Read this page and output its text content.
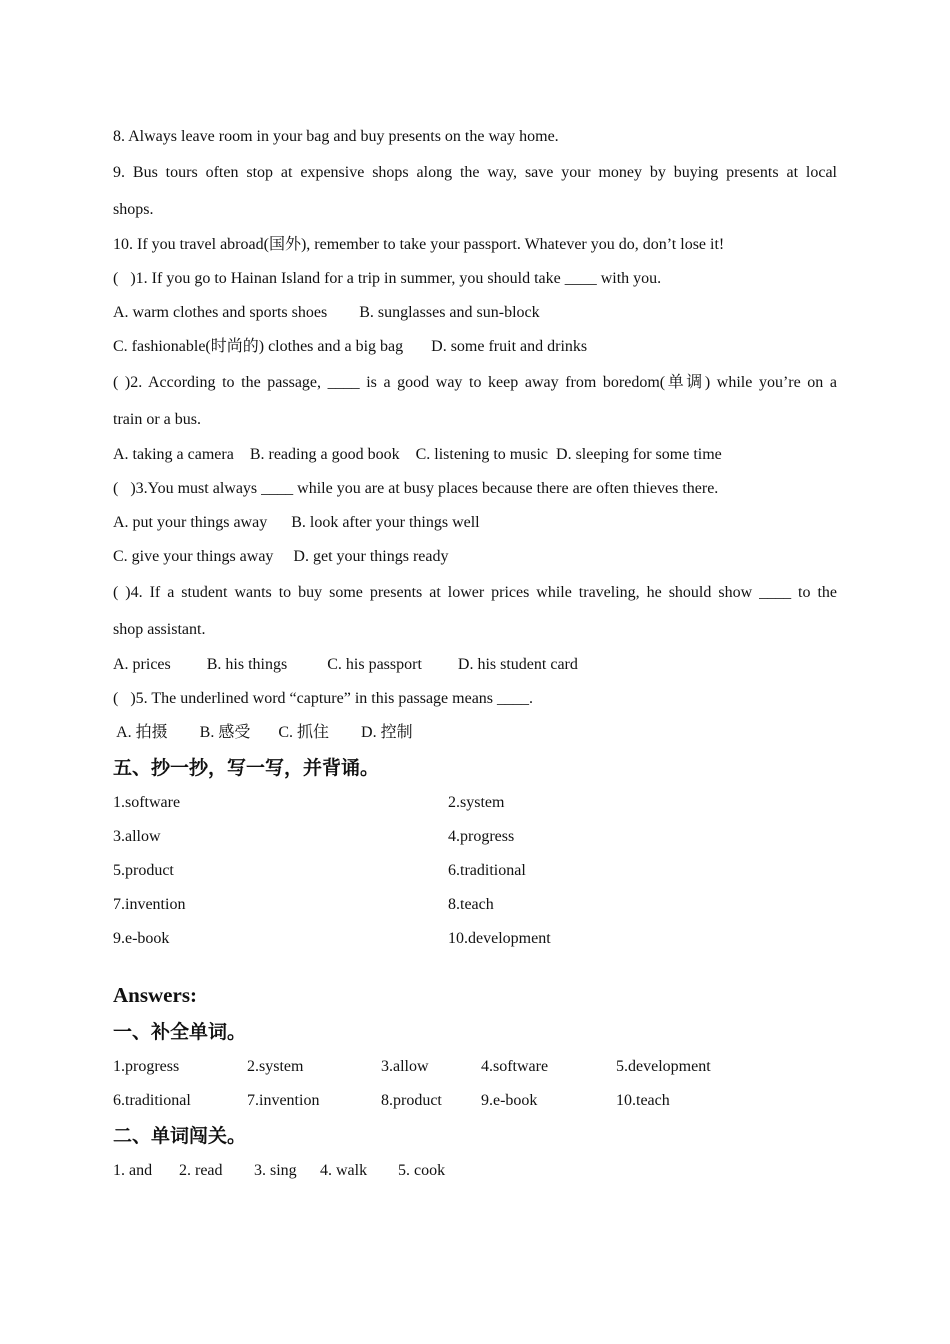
8. Always leave room in your bag and buy presents on the way home.
9. Bus tours often stop at expensive shops along the way, save your money by buying presents at local
shops.
10. If you travel abroad(国外), remember to take your passport. Whatever you do, don’t lose it!
(   )1. If you go to Hainan Island for a trip in summer, you should take ____ with you.
A. warm clothes and sports shoes        B. sunglasses and sun-block
C. fashionable(时尚的) clothes and a big bag       D. some fruit and drinks
( )2. According to the passage, ____ is a good way to keep away from boredom(单调) while you’re on a
train or a bus.
A. taking a camera    B. reading a good book    C. listening to music  D. sleeping for some time
(   )3.You must always ____ while you are at busy places because there are often thieves there.
A. put your things away      B. look after your things well
C. give your things away     D. get your things ready
( )4. If a student wants to buy some presents at lower prices while traveling, he should show ____ to the
shop assistant.
A. prices         B. his things          C. his passport         D. his student card
(   )5. The underlined word “capture” in this passage means ____.
A. 拍摄        B. 感受       C. 抓住        D. 控制
五、抄一抄，写一写，并背诵。
1.software	2.system
3.allow	4.progress
5.product	6.traditional
7.invention	8.teach
9.e-book	10.development
Answers:
一、补全单词。
1.progress	2.system	3.allow	4.software	5.development
6.traditional	7.invention	8.product 9.e-book	10.teach
二、单词闯关。
1. and 2. read 3. sing 4. walk 5. cook
